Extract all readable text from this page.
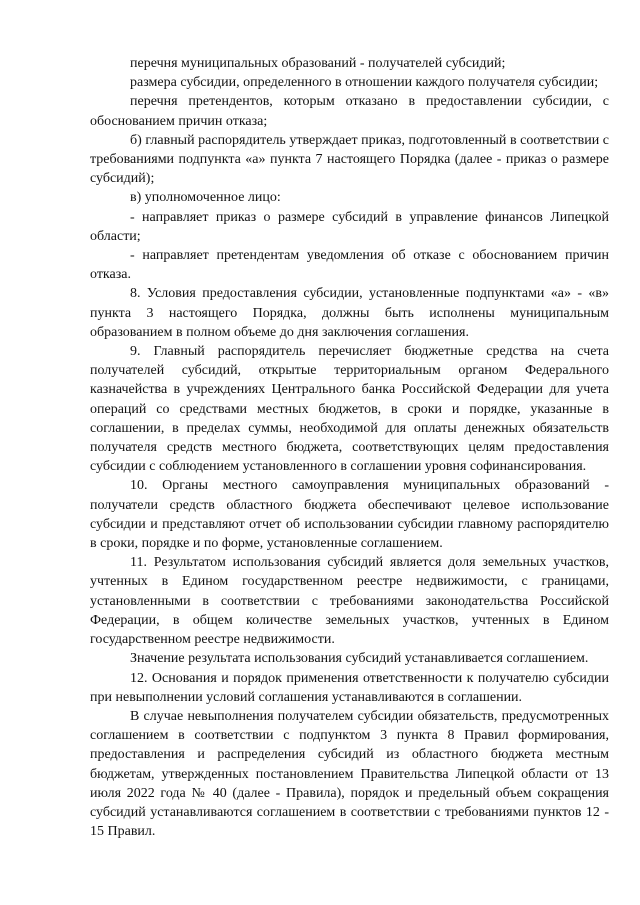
перечня муниципальных образований - получателей субсидий;

размера субсидии, определенного в отношении каждого получателя субсидии;

перечня претендентов, которым отказано в предоставлении субсидии, с обоснованием причин отказа;

б) главный распорядитель утверждает приказ, подготовленный в соответствии с требованиями подпункта «а» пункта 7 настоящего Порядка (далее - приказ о размере субсидий);

в) уполномоченное лицо:

- направляет приказ о размере субсидий в управление финансов Липецкой области;

- направляет претендентам уведомления об отказе с обоснованием причин отказа.

8. Условия предоставления субсидии, установленные подпунктами «а» - «в» пункта 3 настоящего Порядка, должны быть исполнены муниципальным образованием в полном объеме до дня заключения соглашения.

9. Главный распорядитель перечисляет бюджетные средства на счета получателей субсидий, открытые территориальным органом Федерального казначейства в учреждениях Центрального банка Российской Федерации для учета операций со средствами местных бюджетов, в сроки и порядке, указанные в соглашении, в пределах суммы, необходимой для оплаты денежных обязательств получателя средств местного бюджета, соответствующих целям предоставления субсидии с соблюдением установленного в соглашении уровня софинансирования.

10. Органы местного самоуправления муниципальных образований - получатели средств областного бюджета обеспечивают целевое использование субсидии и представляют отчет об использовании субсидии главному распорядителю в сроки, порядке и по форме, установленные соглашением.

11. Результатом использования субсидий является доля земельных участков, учтенных в Едином государственном реестре недвижимости, с границами, установленными в соответствии с требованиями законодательства Российской Федерации, в общем количестве земельных участков, учтенных в Едином государственном реестре недвижимости.

Значение результата использования субсидий устанавливается соглашением.

12. Основания и порядок применения ответственности к получателю субсидии при невыполнении условий соглашения устанавливаются в соглашении.

В случае невыполнения получателем субсидии обязательств, предусмотренных соглашением в соответствии с подпунктом 3 пункта 8 Правил формирования, предоставления и распределения субсидий из областного бюджета местным бюджетам, утвержденных постановлением Правительства Липецкой области от 13 июля 2022 года № 40 (далее - Правила), порядок и предельный объем сокращения субсидий устанавливаются соглашением в соответствии с требованиями пунктов 12 - 15 Правил.
